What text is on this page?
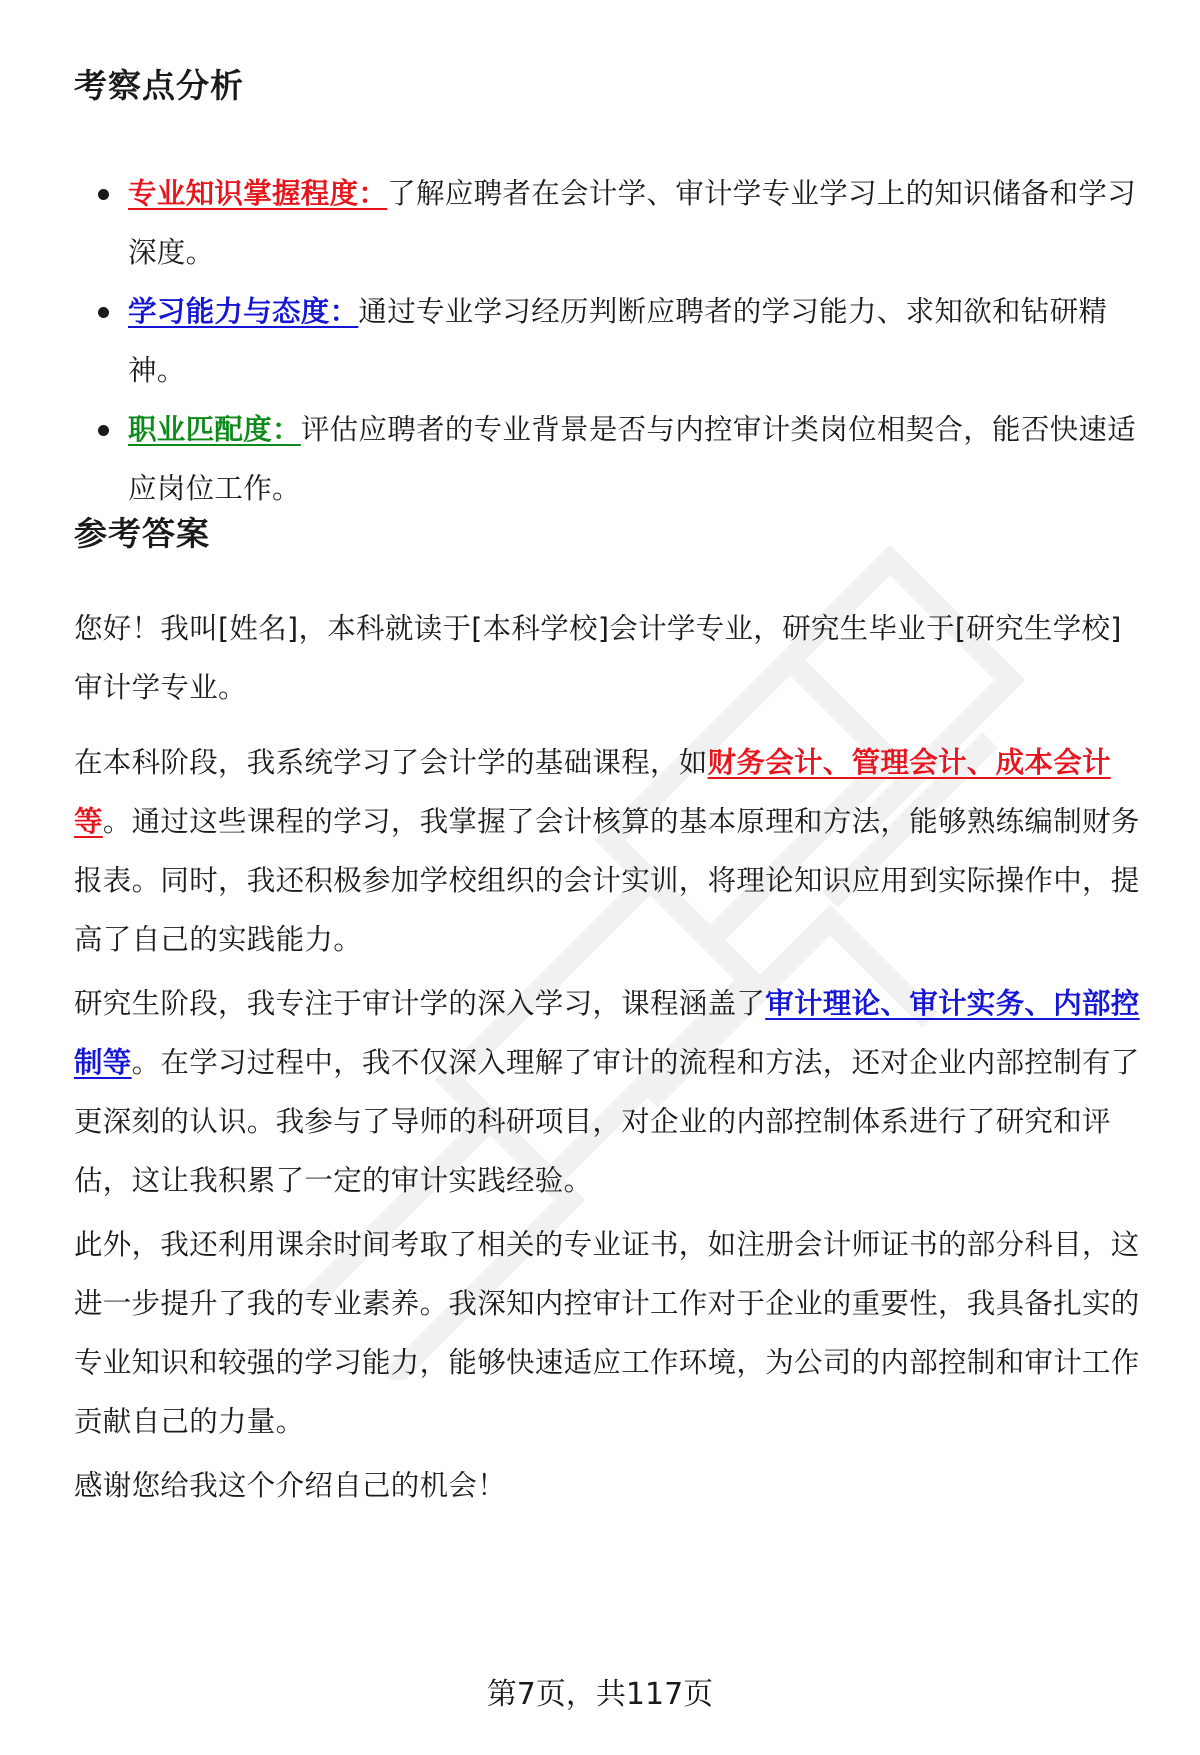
考察点分析
专业知识掌握程度：了解应聘者在会计学、审计学专业学习上的知识储备和学习深度。
学习能力与态度：通过专业学习经历判断应聘者的学习能力、求知欲和钻研精神。
职业匹配度：评估应聘者的专业背景是否与内控审计类岗位相契合，能否快速适应岗位工作。
参考答案

您好！我叫[姓名]，本科就读于[本科学校]会计学专业，研究生毕业于[研究生学校]审计学专业。

在本科阶段，我系统学习了会计学的基础课程，如财务会计、管理会计、成本会计等。通过这些课程的学习，我掌握了会计核算的基本原理和方法，能够熟练编制财务报表。同时，我还积极参加学校组织的会计实训，将理论知识应用到实际操作中，提高了自己的实践能力。

研究生阶段，我专注于审计学的深入学习，课程涵盖了审计理论、审计实务、内部控制等。在学习过程中，我不仅深入理解了审计的流程和方法，还对企业内部控制有了更深刻的认识。我参与了导师的科研项目，对企业的内部控制体系进行了研究和评估，这让我积累了一定的审计实践经验。

此外，我还利用课余时间考取了相关的专业证书，如注册会计师证书的部分科目，这进一步提升了我的专业素养。我深知内控审计工作对于企业的重要性，我具备扎实的专业知识和较强的学习能力，能够快速适应工作环境，为公司的内部控制和审计工作贡献自己的力量。

感谢您给我这个介绍自己的机会！

第7页，共117页
